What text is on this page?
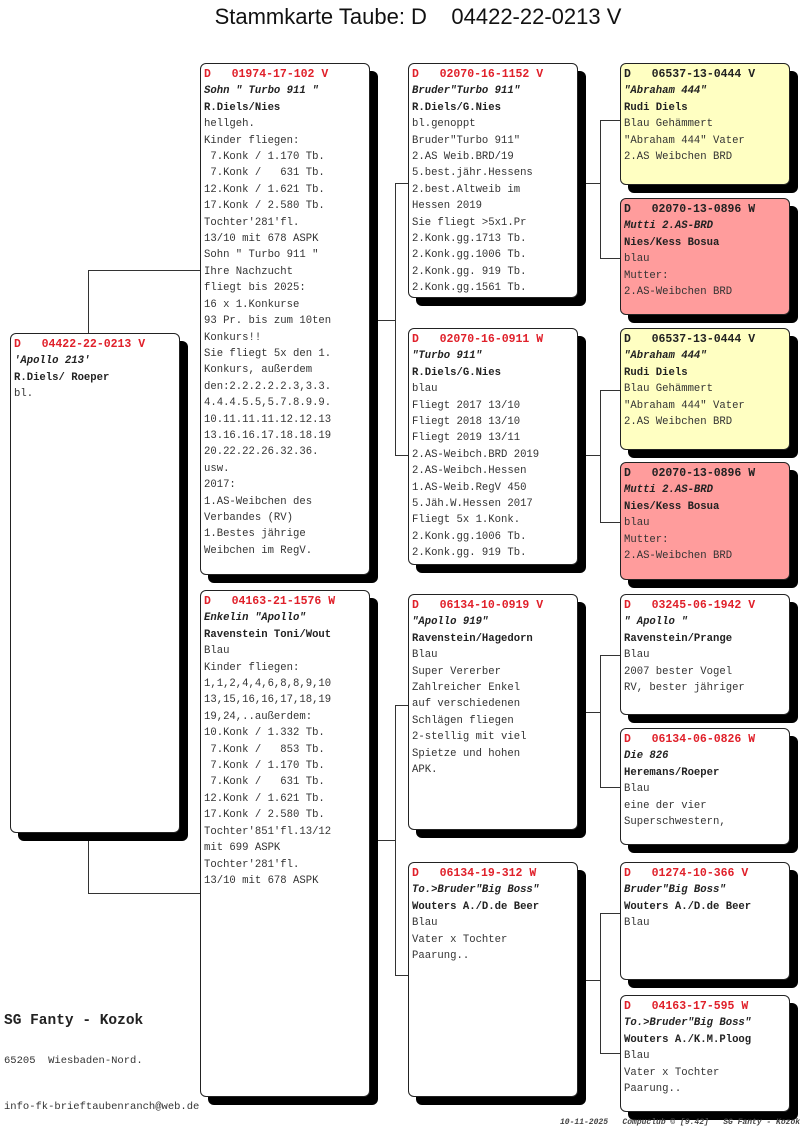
Stammkarte Taube: D    04422-22-0213 V
D   04422-22-0213 V
'Apollo 213'
R.Diels/ Roeper
bl.
D   01974-17-102 V
Sohn " Turbo 911 "
R.Diels/Nies
hellgeh.
Kinder fliegen:
7.Konk / 1.170 Tb.
7.Konk /   631 Tb.
12.Konk / 1.621 Tb.
17.Konk / 2.580 Tb.
Tochter'281'fl.
13/10 mit 678 ASPK
Sohn " Turbo 911 "
Ihre Nachzucht
fliegt bis 2025:
16 x 1.Konkurse
93 Pr. bis zum 10ten
Konkurs!!
Sie fliegt 5x den 1.
Konkurs, außerdem
den:2.2.2.2.2.3,3.3.
4.4.4.5.5,5.7.8.9.9.
10.11.11.11.12.12.13
13.16.16.17.18.18.19
20.22.22.26.32.36.
usw.
2017:
1.AS-Weibchen des
Verbandes (RV)
1.Bestes jährige
Weibchen im RegV.
D   04163-21-1576 W
Enkelin "Apollo"
Ravenstein Toni/Wout
Blau
Kinder fliegen:
1,1,2,4,4,6,8,8,9,10
13,15,16,16,17,18,19
19,24,..außerdem:
10.Konk / 1.332 Tb.
7.Konk /   853 Tb.
7.Konk / 1.170 Tb.
7.Konk /   631 Tb.
12.Konk / 1.621 Tb.
17.Konk / 2.580 Tb.
Tochter'851'fl.13/12
mit 699 ASPK
Tochter'281'fl.
13/10 mit 678 ASPK
D   02070-16-1152 V
Bruder"Turbo 911"
R.Diels/G.Nies
bl.genoppt
Bruder"Turbo 911"
2.AS Weib.BRD/19
5.best.jähr.Hessens
2.best.Altweib im
Hessen 2019
Sie fliegt >5x1.Pr
2.Konk.gg.1713 Tb.
2.Konk.gg.1006 Tb.
2.Konk.gg. 919 Tb.
2.Konk.gg.1561 Tb.
D   02070-16-0911 W
"Turbo 911"
R.Diels/G.Nies
blau
Fliegt 2017 13/10
Fliegt 2018 13/10
Fliegt 2019 13/11
2.AS-Weibch.BRD 2019
2.AS-Weibch.Hessen
1.AS-Weib.RegV 450
5.Jäh.W.Hessen 2017
Fliegt 5x 1.Konk.
2.Konk.gg.1006 Tb.
2.Konk.gg. 919 Tb.
D   06134-10-0919 V
"Apollo 919"
Ravenstein/Hagedorn
Blau
Super Vererber
Zahlreicher Enkel
auf verschiedenen
Schlägen fliegen
2-stellig mit viel
Spietze und hohen
APK.
D   06134-19-312 W
To.>Bruder"Big Boss"
Wouters A./D.de Beer
Blau
Vater x Tochter
Paarung..
D   06537-13-0444 V
"Abraham 444"
Rudi Diels
Blau Gehämmert
"Abraham 444" Vater
2.AS Weibchen BRD
D   02070-13-0896 W
Mutti 2.AS-BRD
Nies/Kess Bosua
blau
Mutter:
2.AS-Weibchen BRD
D   06537-13-0444 V
"Abraham 444"
Rudi Diels
Blau Gehämmert
"Abraham 444" Vater
2.AS Weibchen BRD
D   02070-13-0896 W
Mutti 2.AS-BRD
Nies/Kess Bosua
blau
Mutter:
2.AS-Weibchen BRD
D   03245-06-1942 V
" Apollo "
Ravenstein/Prange
Blau
2007 bester Vogel
RV, bester jähriger
D   06134-06-0826 W
Die 826
Heremans/Roeper
Blau
eine der vier
Superschwestern,
D   01274-10-366 V
Bruder"Big Boss"
Wouters A./D.de Beer
Blau
D   04163-17-595 W
To.>Bruder"Big Boss"
Wouters A./K.M.Ploog
Blau
Vater x Tochter
Paarung..
SG Fanty - Kozok
65205  Wiesbaden-Nord.
info-fk-brieftaubenranch@web.de
10-11-2025   Compuclub © [9.42]   SG Fanty - Kozok
